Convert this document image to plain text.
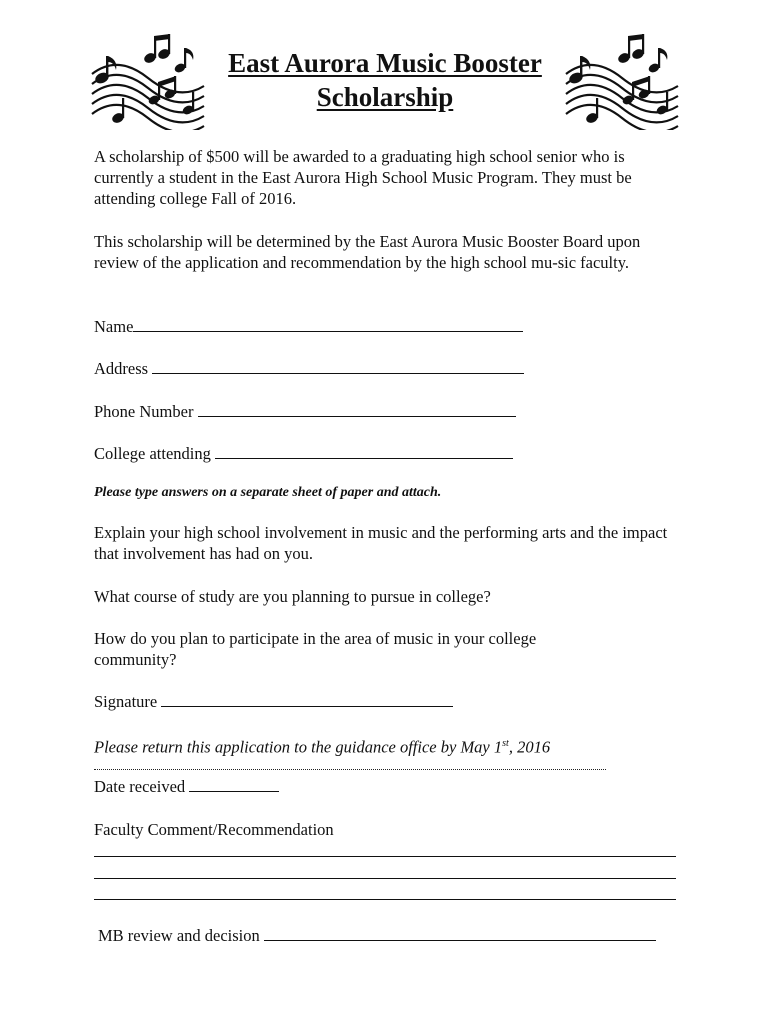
East Aurora Music Booster
Scholarship
A scholarship of $500 will be awarded to a graduating high school senior who is currently a student in the East Aurora High School Music Program. They must be attending college Fall of 2016.
This scholarship will be determined by the East Aurora Music Booster Board upon review of the application and recommendation by the high school mu-sic faculty.
Name
Address
Phone Number
College attending
Please type answers on a separate sheet of paper and attach.
Explain your high school involvement in music and the performing arts and the impact that involvement has had on you.
What course of study are you planning to pursue in college?
How do you plan to participate in the area of music in your college community?
Signature
Please return this application to the guidance office by May 1st, 2016
Date received
Faculty Comment/Recommendation
MB review and decision
